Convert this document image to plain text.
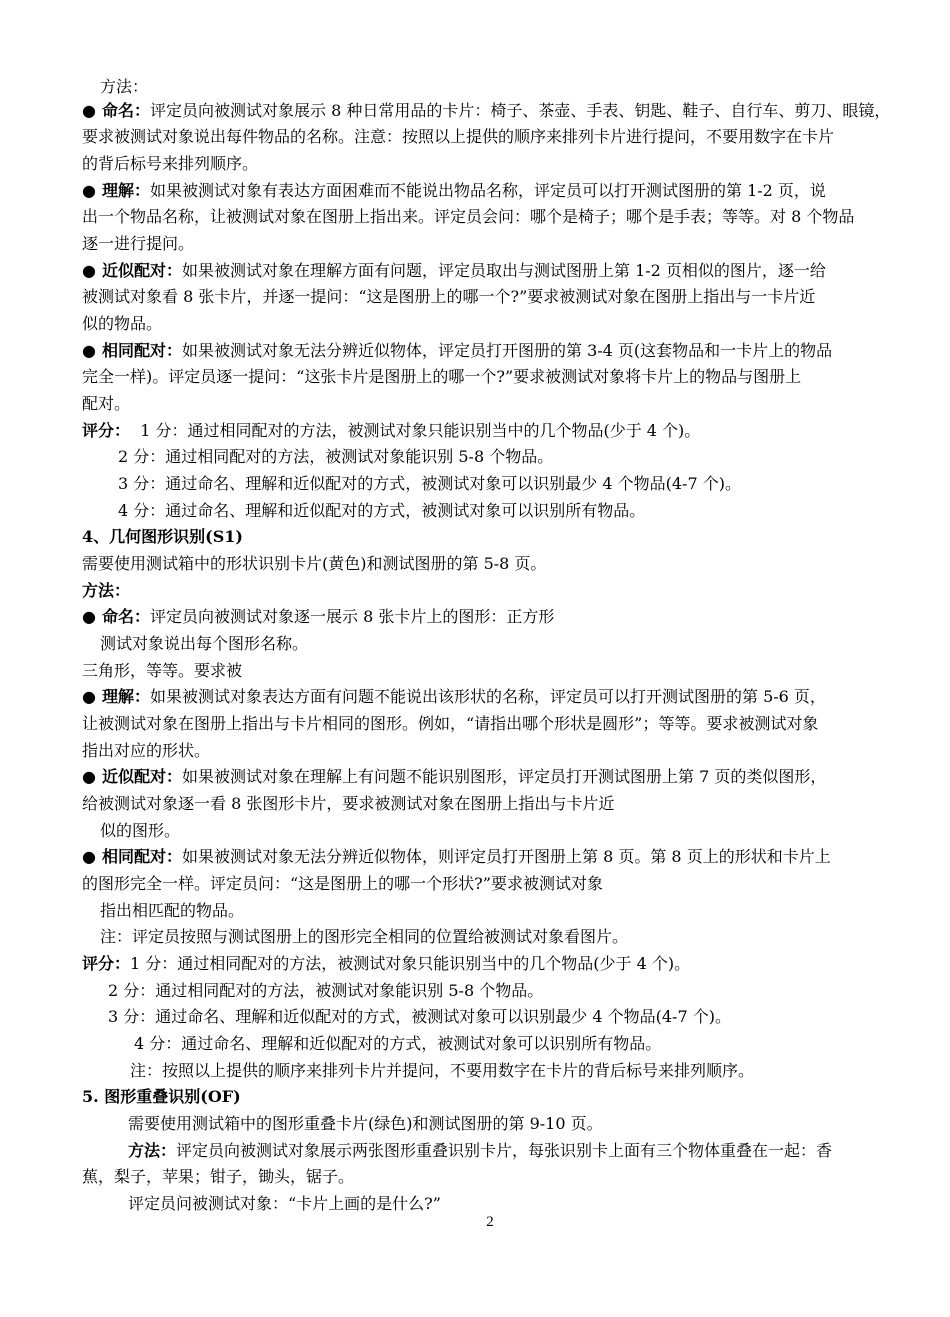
方法：
● 命名：评定员向被测试对象展示 8 种日常用品的卡片：椅子、茶壶、手表、钥匙、鞋子、自行车、剪刀、眼镜，
要求被测试对象说出每件物品的名称。注意：按照以上提供的顺序来排列卡片进行提问，不要用数字在卡片
的背后标号来排列顺序。
● 理解：如果被测试对象有表达方面困难而不能说出物品名称，评定员可以打开测试图册的第 1-2 页，说
出一个物品名称，让被测试对象在图册上指出来。评定员会问：哪个是椅子；哪个是手表；等等。对 8 个物品
逐一进行提问。
● 近似配对：如果被测试对象在理解方面有问题，评定员取出与测试图册上第 1-2 页相似的图片，逐一给
被测试对象看 8 张卡片，并逐一提问：“这是图册上的哪一个?”要求被测试对象在图册上指出与一卡片近
似的物品。
● 相同配对：如果被测试对象无法分辨近似物体，评定员打开图册的第 3-4 页(这套物品和一卡片上的物品
完全一样)。评定员逐一提问：“这张卡片是图册上的哪一个?”要求被测试对象将卡片上的物品与图册上
配对。
评分：  1 分：通过相同配对的方法，被测试对象只能识别当中的几个物品(少于 4 个)。
2 分：通过相同配对的方法，被测试对象能识别 5-8 个物品。
3 分：通过命名、理解和近似配对的方式，被测试对象可以识别最少 4 个物品(4-7 个)。
4 分：通过命名、理解和近似配对的方式，被测试对象可以识别所有物品。
4、几何图形识别(S1)
需要使用测试箱中的形状识别卡片(黄色)和测试图册的第 5-8 页。
方法：
● 命名：评定员向被测试对象逐一展示 8 张卡片上的图形：正方形
测试对象说出每个图形名称。
三角形，等等。要求被
● 理解：如果被测试对象表达方面有问题不能说出该形状的名称，评定员可以打开测试图册的第 5-6 页，
让被测试对象在图册上指出与卡片相同的图形。例如，“请指出哪个形状是圆形”；等等。要求被测试对象
指出对应的形状。
● 近似配对：如果被测试对象在理解上有问题不能识别图形，评定员打开测试图册上第 7 页的类似图形，
给被测试对象逐一看 8 张图形卡片，要求被测试对象在图册上指出与卡片近
似的图形。
● 相同配对：如果被测试对象无法分辨近似物体，则评定员打开图册上第 8 页。第 8 页上的形状和卡片上
的图形完全一样。评定员问：“这是图册上的哪一个形状?”要求被测试对象
指出相匹配的物品。
注：评定员按照与测试图册上的图形完全相同的位置给被测试对象看图片。
评分：1 分：通过相同配对的方法，被测试对象只能识别当中的几个物品(少于 4 个)。
2 分：通过相同配对的方法，被测试对象能识别 5-8 个物品。
3 分：通过命名、理解和近似配对的方式，被测试对象可以识别最少 4 个物品(4-7 个)。
4 分：通过命名、理解和近似配对的方式，被测试对象可以识别所有物品。
注：按照以上提供的顺序来排列卡片并提问，不要用数字在卡片的背后标号来排列顺序。
5. 图形重叠识别(OF)
需要使用测试箱中的图形重叠卡片(绿色)和测试图册的第 9-10 页。
方法：评定员向被测试对象展示两张图形重叠识别卡片，每张识别卡上面有三个物体重叠在一起：香
蕉，梨子，苹果；钳子，锄头，锯子。
评定员问被测试对象：“卡片上画的是什么?”
2
